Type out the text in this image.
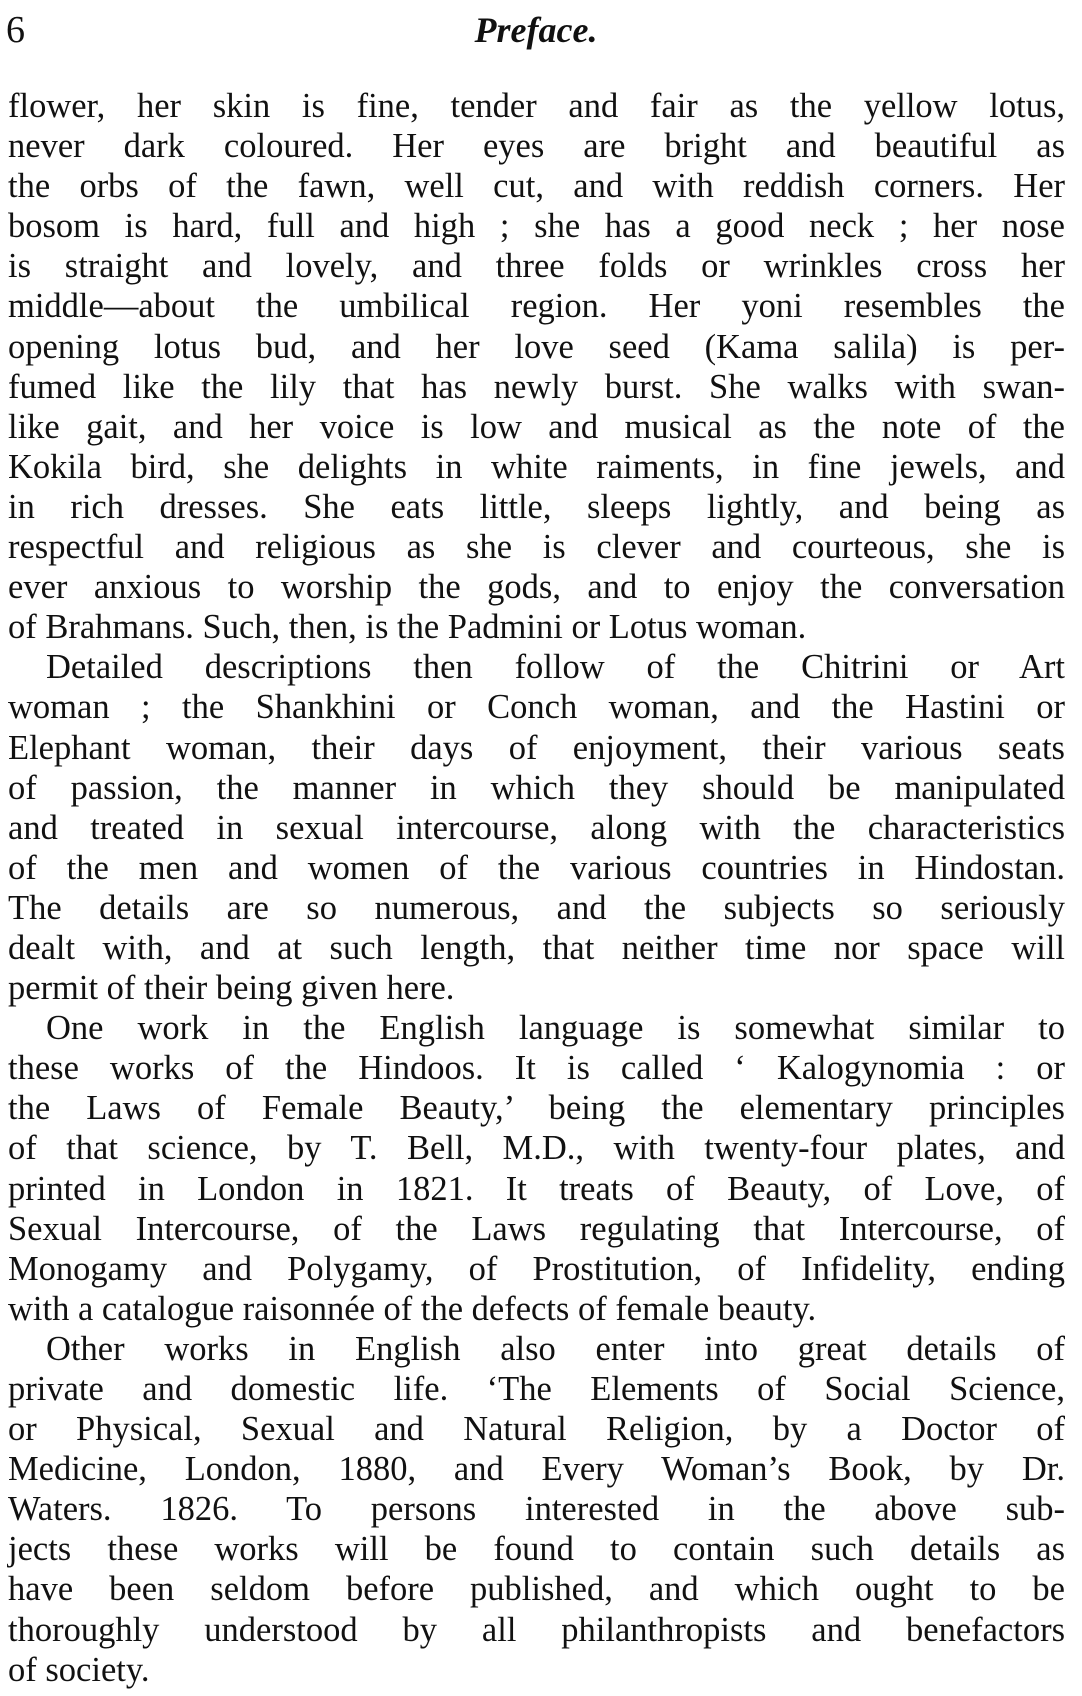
6	Preface.
flower, her skin is fine, tender and fair as the yellow lotus,
never dark coloured. Her eyes are bright and beautiful as
the orbs of the fawn, well cut, and with reddish corners. Her
bosom is hard, full and high ; she has a good neck ; her nose
is straight and lovely, and three folds or wrinkles cross her
middle—about the umbilical region. Her yoni resembles the
opening lotus bud, and her love seed (Kama salila) is per-
fumed like the lily that has newly burst. She walks with swan-
like gait, and her voice is low and musical as the note of the
Kokila bird, she delights in white raiments, in fine jewels, and
in rich dresses. She eats little, sleeps lightly, and being as
respectful and religious as she is clever and courteous, she is
ever anxious to worship the gods, and to enjoy the conversation
of Brahmans. Such, then, is the Padmini or Lotus woman.
Detailed descriptions then follow of the Chitrini or Art
woman ; the Shankhini or Conch woman, and the Hastini or
Elephant woman, their days of enjoyment, their various seats
of passion, the manner in which they should be manipulated
and treated in sexual intercourse, along with the characteristics
of the men and women of the various countries in Hindostan.
The details are so numerous, and the subjects so seriously
dealt with, and at such length, that neither time nor space will
permit of their being given here.
One work in the English language is somewhat similar to
these works of the Hindoos. It is called ‘ Kalogynomia : or
the Laws of Female Beauty,’ being the elementary principles
of that science, by T. Bell, M.D., with twenty-four plates, and
printed in London in 1821. It treats of Beauty, of Love, of
Sexual Intercourse, of the Laws regulating that Intercourse, of
Monogamy and Polygamy, of Prostitution, of Infidelity, ending
with a catalogue raisonnée of the defects of female beauty.
Other works in English also enter into great details of
private and domestic life. ‘The Elements of Social Science,
or Physical, Sexual and Natural Religion, by a Doctor of
Medicine, London, 1880, and Every Woman’s Book, by Dr.
Waters. 1826. To persons interested in the above sub-
jects these works will be found to contain such details as
have been seldom before published, and which ought to be
thoroughly understood by all philanthropists and benefactors
of society.
